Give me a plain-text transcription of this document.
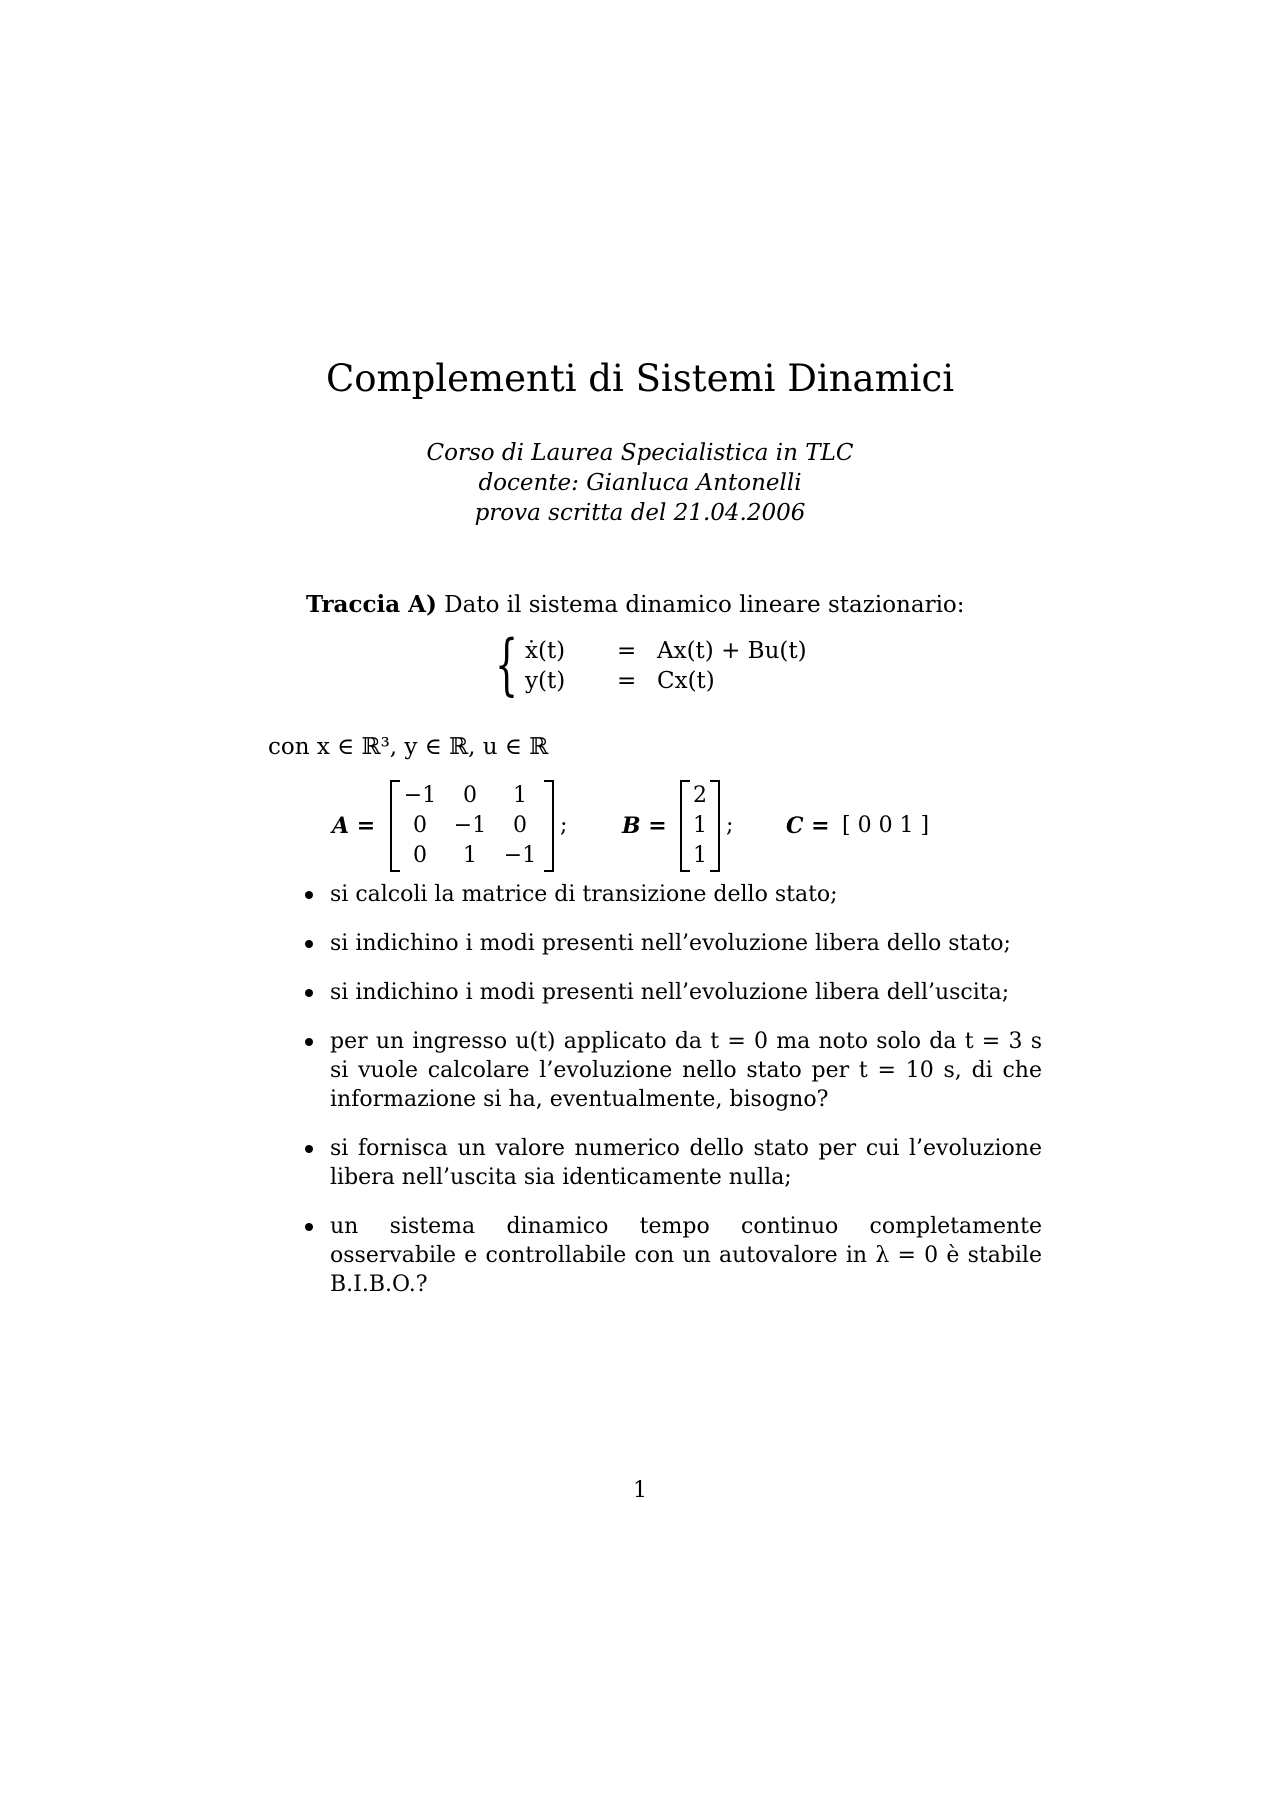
Complementi di Sistemi Dinamici
Corso di Laurea Specialistica in TLC
docente: Gianluca Antonelli
prova scritta del 21.04.2006
Traccia A) Dato il sistema dinamico lineare stazionario:
{ ẋ(t)	= Ax(t) + Bu(t)
y(t)	= Cx(t)
con x ∈ ℝ³, y ∈ ℝ, u ∈ ℝ
A =
−1	0	1
0	−1	0
0	1	−1
; B =
2
1
1
; C = [ 0 0 1 ]
si calcoli la matrice di transizione dello stato;
si indichino i modi presenti nell’evoluzione libera dello stato;
si indichino i modi presenti nell’evoluzione libera dell’uscita;
per un ingresso u(t) applicato da t = 0 ma noto solo da t = 3 s si vuole calcolare l’evoluzione nello stato per t = 10 s, di che informazione si ha, eventualmente, bisogno?
si fornisca un valore numerico dello stato per cui l’evoluzione libera nell’uscita sia identicamente nulla;
un sistema dinamico tempo continuo completamente osservabile e controllabile con un autovalore in λ = 0 è stabile B.I.B.O.?
1
